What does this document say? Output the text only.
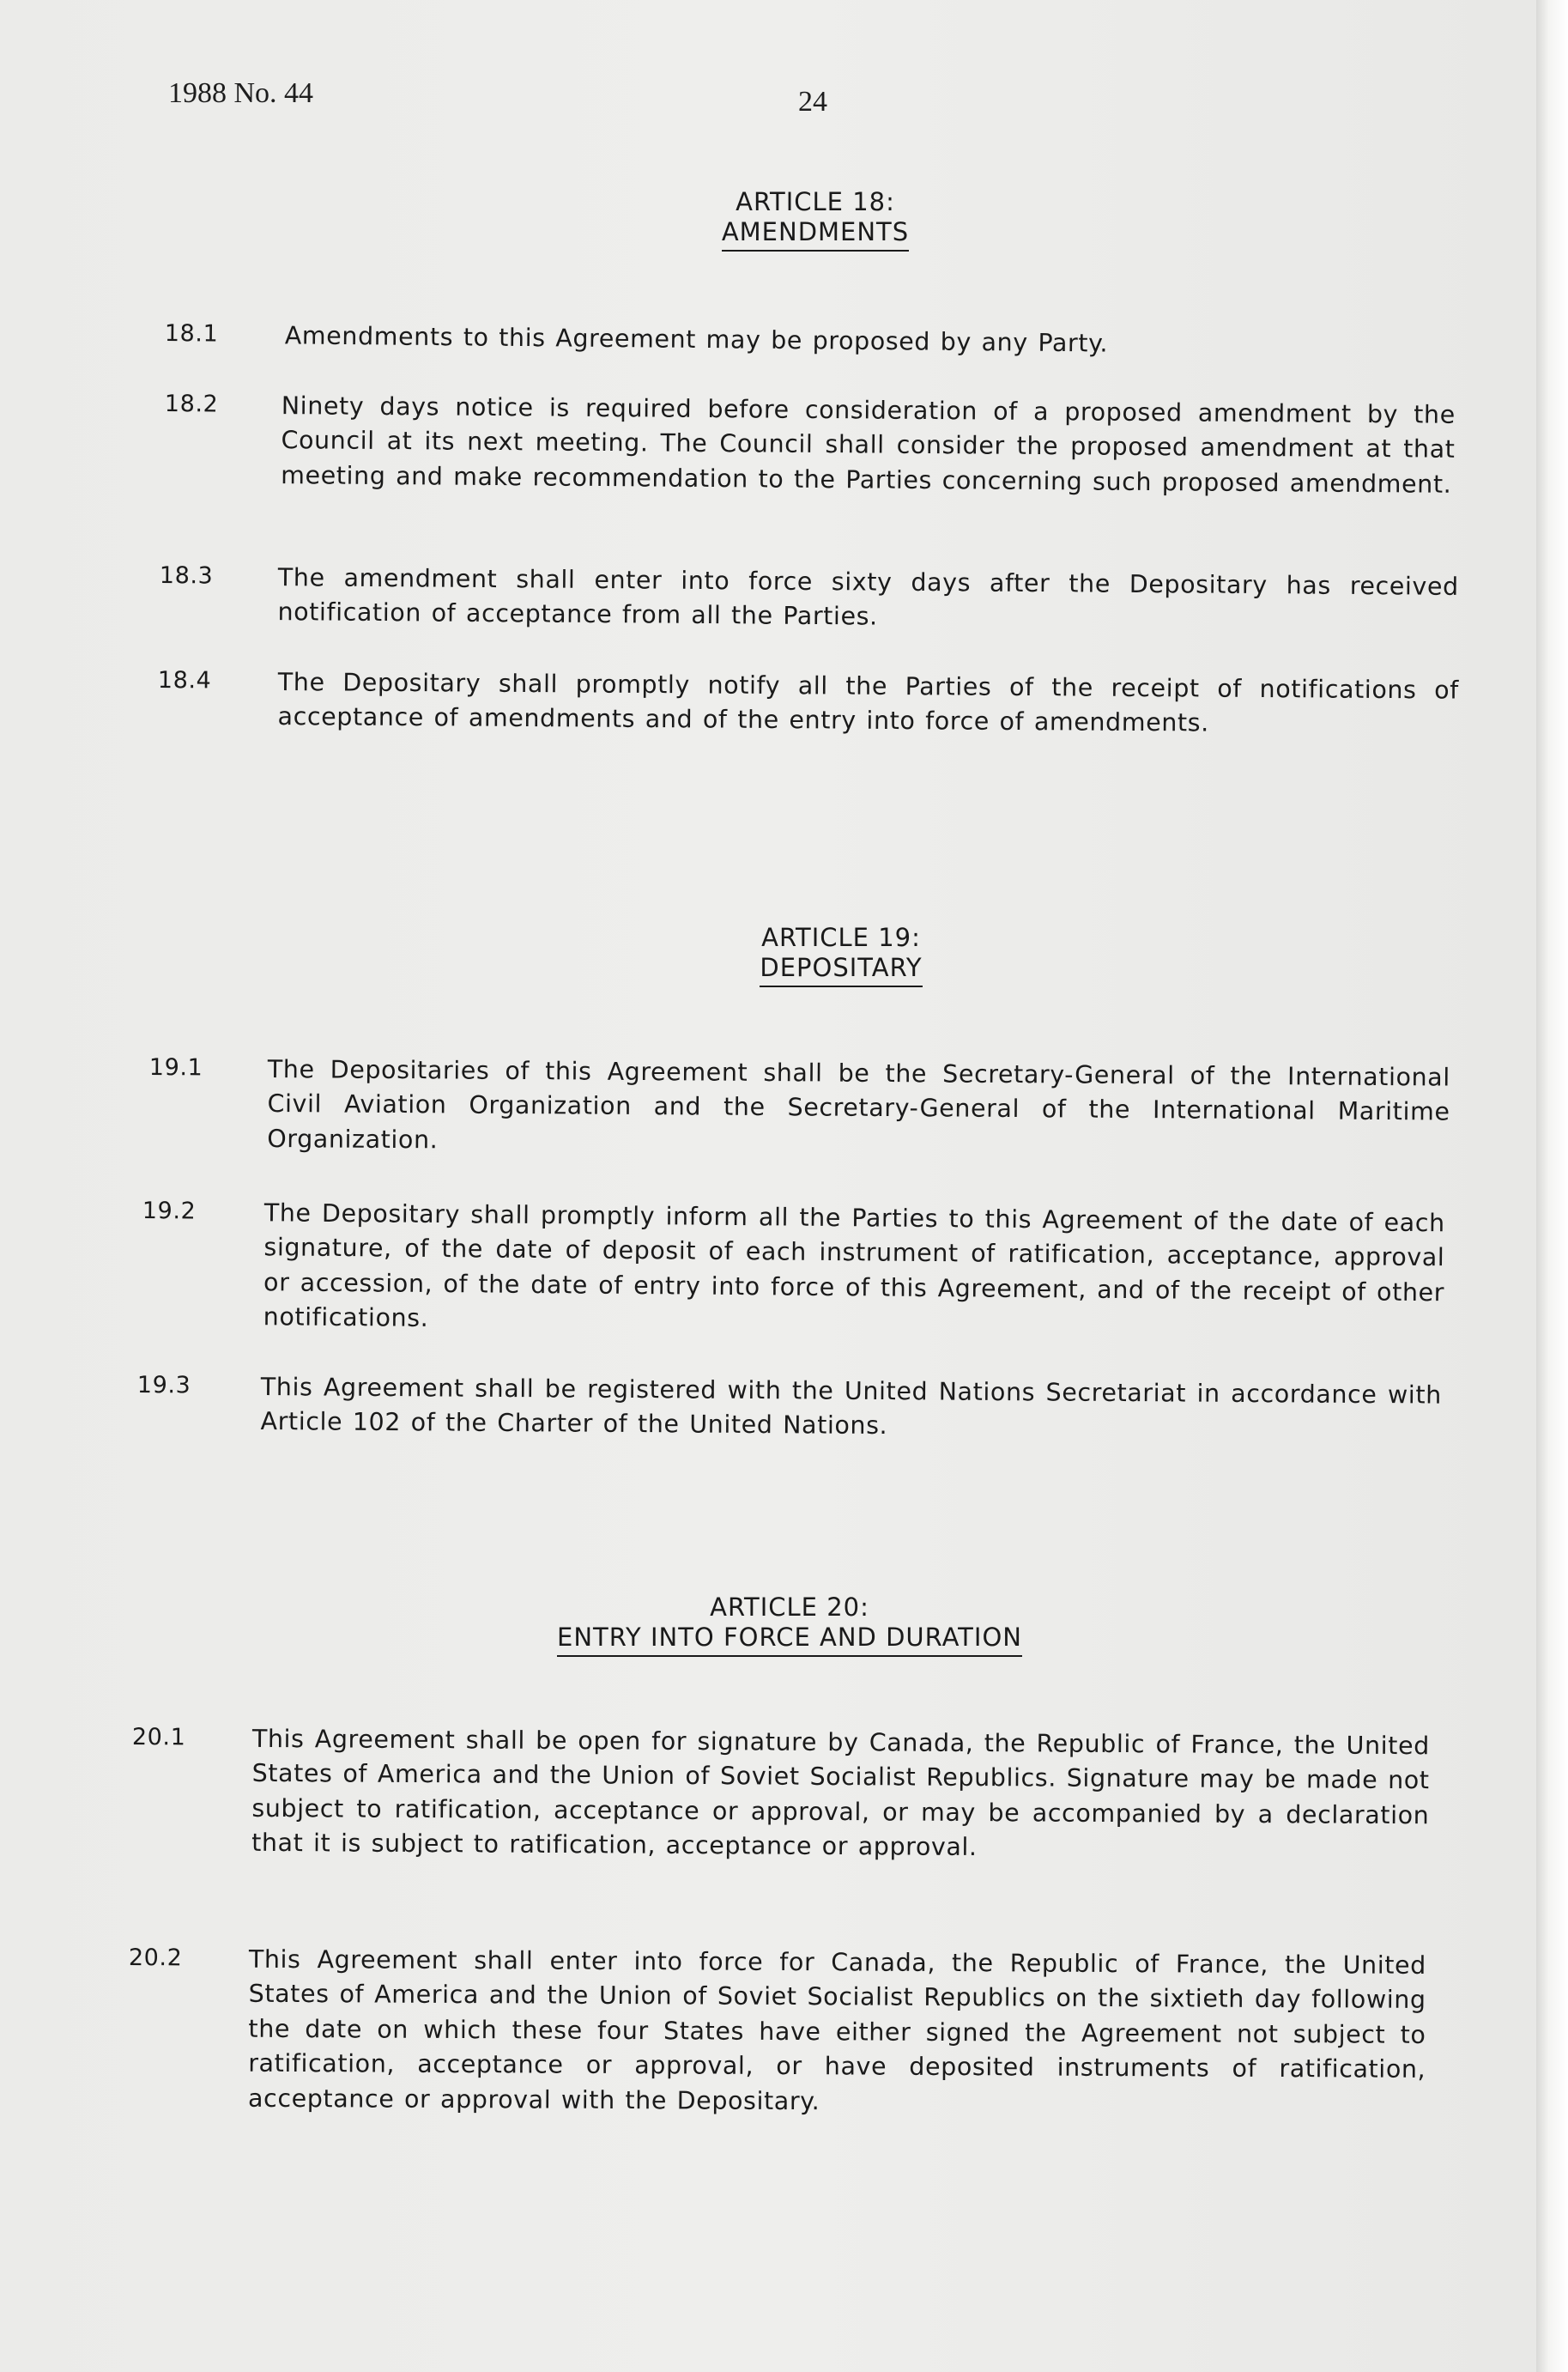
1988 No. 44	24
ARTICLE 18:
AMENDMENTS
18.1	Amendments to this Agreement may be proposed by any Party.
18.2	Ninety days notice is required before consideration of a proposed amendment by the Council at its next meeting. The Council shall consider the proposed amendment at that meeting and make recommendation to the Parties concerning such proposed amendment.
18.3	The amendment shall enter into force sixty days after the Depositary has received notification of acceptance from all the Parties.
18.4	The Depositary shall promptly notify all the Parties of the receipt of notifications of acceptance of amendments and of the entry into force of amendments.
ARTICLE 19:
DEPOSITARY
19.1	The Depositaries of this Agreement shall be the Secretary-General of the International Civil Aviation Organization and the Secretary-General of the International Maritime Organization.
19.2	The Depositary shall promptly inform all the Parties to this Agreement of the date of each signature, of the date of deposit of each instrument of ratification, acceptance, approval or accession, of the date of entry into force of this Agreement, and of the receipt of other notifications.
19.3	This Agreement shall be registered with the United Nations Secretariat in accordance with Article 102 of the Charter of the United Nations.
ARTICLE 20:
ENTRY INTO FORCE AND DURATION
20.1	This Agreement shall be open for signature by Canada, the Republic of France, the United States of America and the Union of Soviet Socialist Republics. Signature may be made not subject to ratification, acceptance or approval, or may be accompanied by a declaration that it is subject to ratification, acceptance or approval.
20.2	This Agreement shall enter into force for Canada, the Republic of France, the United States of America and the Union of Soviet Socialist Republics on the sixtieth day following the date on which these four States have either signed the Agreement not subject to ratification, acceptance or approval, or have deposited instruments of ratification, acceptance or approval with the Depositary.
